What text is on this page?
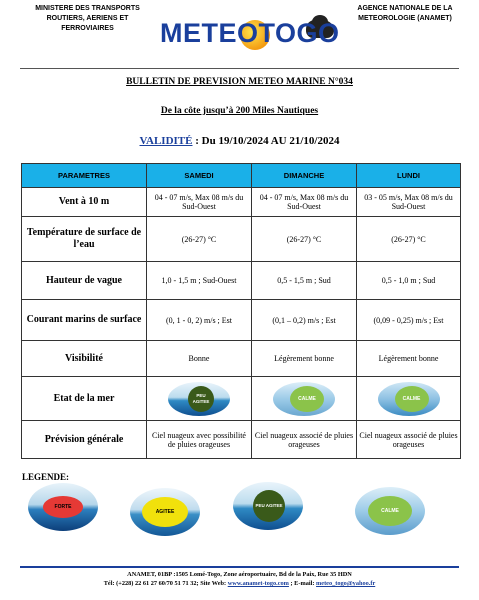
MINISTERE DES TRANSPORTS
ROUTIERS, AERIENS ET FERROVIAIRES	METEOTOGO
AGENCE NATIONALE DE LA
METEOROLOGIE (ANAMET)
BULLETIN DE PREVISION METEO MARINE N°034
De la côte jusqu’à 200 Miles Nautiques
VALIDITÉ : Du 19/10/2024 AU 21/10/2024
PARAMETRES	SAMEDI	DIMANCHE	LUNDI
Vent à 10 m	04 - 07 m/s, Max 08 m/s du Sud-Ouest	04 - 07 m/s, Max 08 m/s du Sud-Ouest	03 - 05 m/s, Max 08 m/s du Sud-Ouest
Température de surface de l’eau	(26-27) °C	(26-27) °C	(26-27) °C
Hauteur de vague	1,0 - 1,5 m ; Sud-Ouest	0,5 - 1,5 m ; Sud	0,5 - 1,0 m ; Sud
Courant marins de surface	(0, 1 - 0, 2) m/s ; Est	(0,1 – 0,2) m/s ; Est	(0,09 - 0,25) m/s ; Est
Visibilité	Bonne	Légèrement bonne	Légèrement bonne
Etat de la mer	PEU AGITEE	CALME	CALME

Prévision générale	Ciel nuageux avec possibilité de pluies orageuses	Ciel nuageux associé de pluies orageuses	Ciel nuageux associé de pluies orageuses
LEGENDE:
FORTE
AGITEE
PEU AGITEE
CALME
ANAMET, 01BP :1505 Lomé-Togo, Zone aéroportuaire, Bd de la Paix, Rue 35 HDN
Tél: (+228) 22 61 27 60/70 51 71 32; Site Web: www.anamet-togo.com ; E-mail: meteo_togo@yahoo.fr
